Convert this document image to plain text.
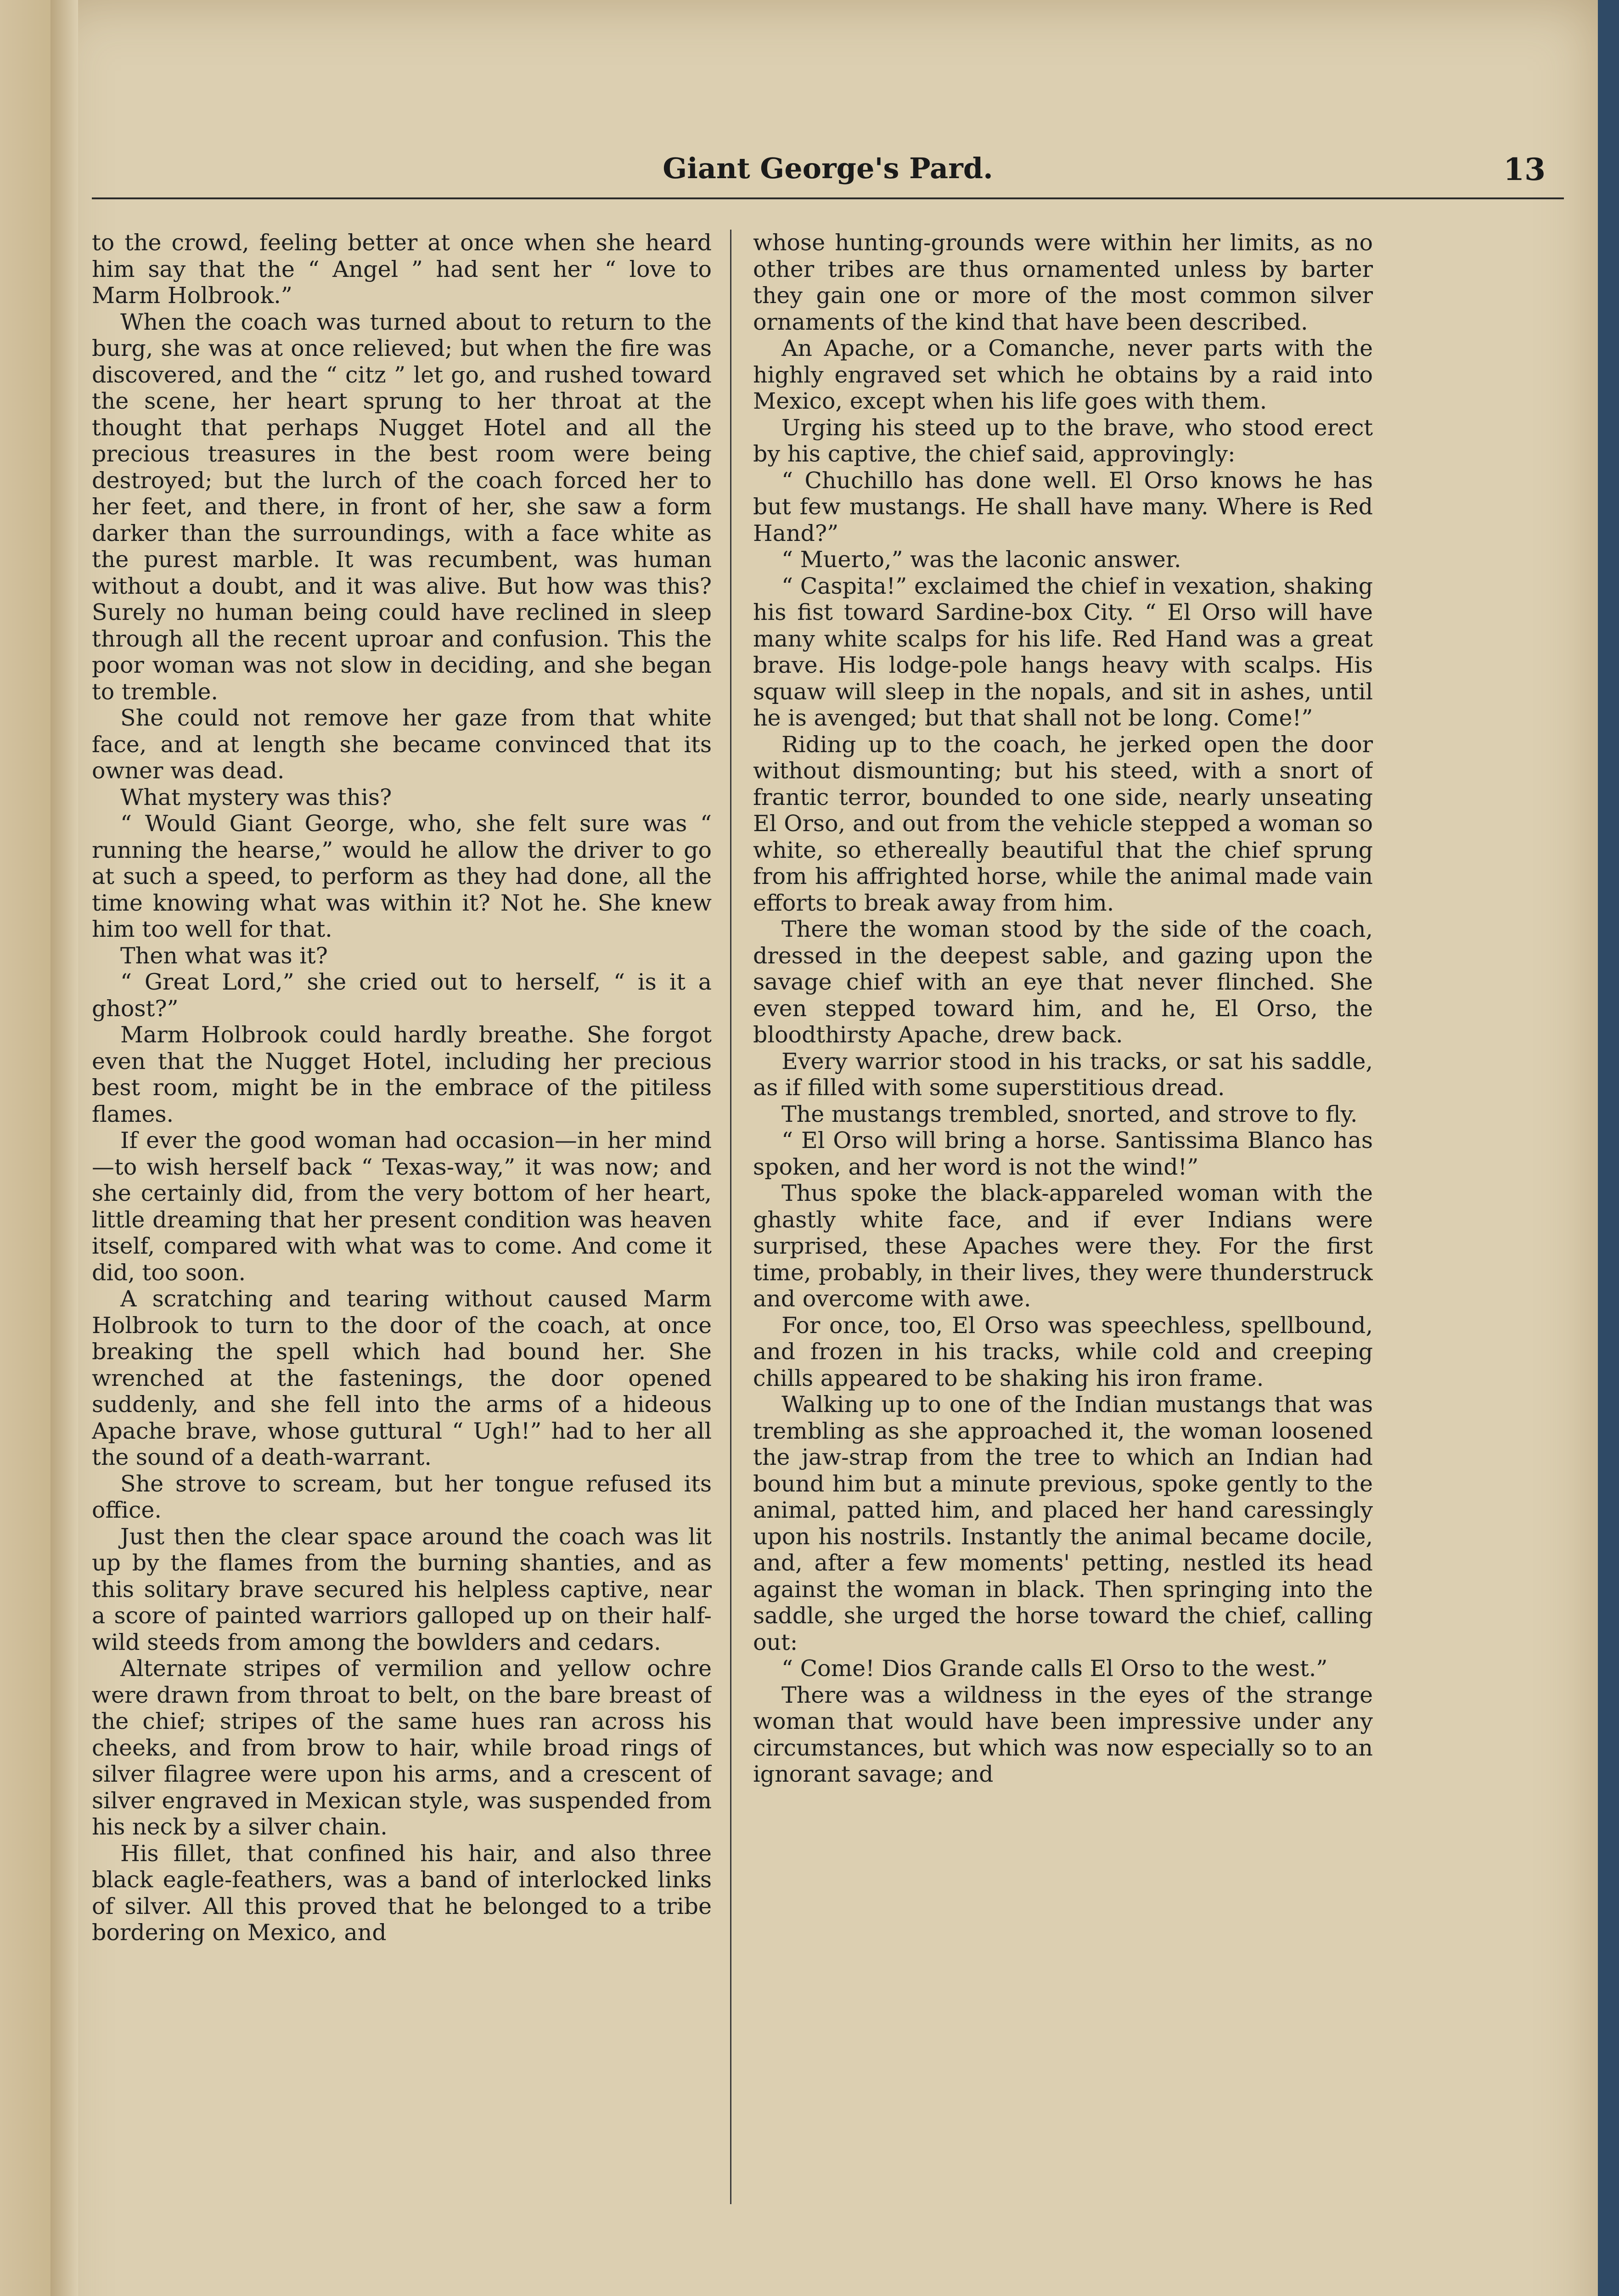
Giant George's Pard.	13

to the crowd, feeling better at once when she heard him say that the “ Angel ” had sent her “ love to Marm Holbrook.”

When the coach was turned about to return to the burg, she was at once relieved; but when the fire was discovered, and the “ citz ” let go, and rushed toward the scene, her heart sprung to her throat at the thought that perhaps Nugget Hotel and all the precious treasures in the best room were being destroyed; but the lurch of the coach forced her to her feet, and there, in front of her, she saw a form darker than the surroundings, with a face white as the purest marble. It was recumbent, was human without a doubt, and it was alive. But how was this? Surely no human being could have reclined in sleep through all the recent uproar and confusion. This the poor woman was not slow in deciding, and she began to tremble.

She could not remove her gaze from that white face, and at length she became convinced that its owner was dead.

What mystery was this?

“ Would Giant George, who, she felt sure was “ running the hearse,” would he allow the driver to go at such a speed, to perform as they had done, all the time knowing what was within it? Not he. She knew him too well for that.

Then what was it?

“ Great Lord,” she cried out to herself, “ is it a ghost?”

Marm Holbrook could hardly breathe. She forgot even that the Nugget Hotel, including her precious best room, might be in the embrace of the pitiless flames.

If ever the good woman had occasion—in her mind—to wish herself back “ Texas-way,” it was now; and she certainly did, from the very bottom of her heart, little dreaming that her present condition was heaven itself, compared with what was to come. And come it did, too soon.

A scratching and tearing without caused Marm Holbrook to turn to the door of the coach, at once breaking the spell which had bound her. She wrenched at the fastenings, the door opened suddenly, and she fell into the arms of a hideous Apache brave, whose guttural “ Ugh!” had to her all the sound of a death-warrant.

She strove to scream, but her tongue refused its office.

Just then the clear space around the coach was lit up by the flames from the burning shanties, and as this solitary brave secured his helpless captive, near a score of painted warriors galloped up on their half-wild steeds from among the bowlders and cedars.

Alternate stripes of vermilion and yellow ochre were drawn from throat to belt, on the bare breast of the chief; stripes of the same hues ran across his cheeks, and from brow to hair, while broad rings of silver filagree were upon his arms, and a crescent of silver engraved in Mexican style, was suspended from his neck by a silver chain.

His fillet, that confined his hair, and also three black eagle-feathers, was a band of interlocked links of silver. All this proved that he belonged to a tribe bordering on Mexico, and

whose hunting-grounds were within her limits, as no other tribes are thus ornamented unless by barter they gain one or more of the most common silver ornaments of the kind that have been described.

An Apache, or a Comanche, never parts with the highly engraved set which he obtains by a raid into Mexico, except when his life goes with them.

Urging his steed up to the brave, who stood erect by his captive, the chief said, approvingly:

“ Chuchillo has done well. El Orso knows he has but few mustangs. He shall have many. Where is Red Hand?”

“ Muerto,” was the laconic answer.

“ Caspita!” exclaimed the chief in vexation, shaking his fist toward Sardine-box City. “ El Orso will have many white scalps for his life. Red Hand was a great brave. His lodge-pole hangs heavy with scalps. His squaw will sleep in the nopals, and sit in ashes, until he is avenged; but that shall not be long. Come!”

Riding up to the coach, he jerked open the door without dismounting; but his steed, with a snort of frantic terror, bounded to one side, nearly unseating El Orso, and out from the vehicle stepped a woman so white, so ethereally beautiful that the chief sprung from his affrighted horse, while the animal made vain efforts to break away from him.

There the woman stood by the side of the coach, dressed in the deepest sable, and gazing upon the savage chief with an eye that never flinched. She even stepped toward him, and he, El Orso, the bloodthirsty Apache, drew back.

Every warrior stood in his tracks, or sat his saddle, as if filled with some superstitious dread.

The mustangs trembled, snorted, and strove to fly.

“ El Orso will bring a horse. Santissima Blanco has spoken, and her word is not the wind!”

Thus spoke the black-appareled woman with the ghastly white face, and if ever Indians were surprised, these Apaches were they. For the first time, probably, in their lives, they were thunderstruck and overcome with awe.

For once, too, El Orso was speechless, spellbound, and frozen in his tracks, while cold and creeping chills appeared to be shaking his iron frame.

Walking up to one of the Indian mustangs that was trembling as she approached it, the woman loosened the jaw-strap from the tree to which an Indian had bound him but a minute previous, spoke gently to the animal, patted him, and placed her hand caressingly upon his nostrils. Instantly the animal became docile, and, after a few moments' petting, nestled its head against the woman in black. Then springing into the saddle, she urged the horse toward the chief, calling out:

“ Come! Dios Grande calls El Orso to the west.”

There was a wildness in the eyes of the strange woman that would have been impressive under any circumstances, but which was now especially so to an ignorant savage; and
